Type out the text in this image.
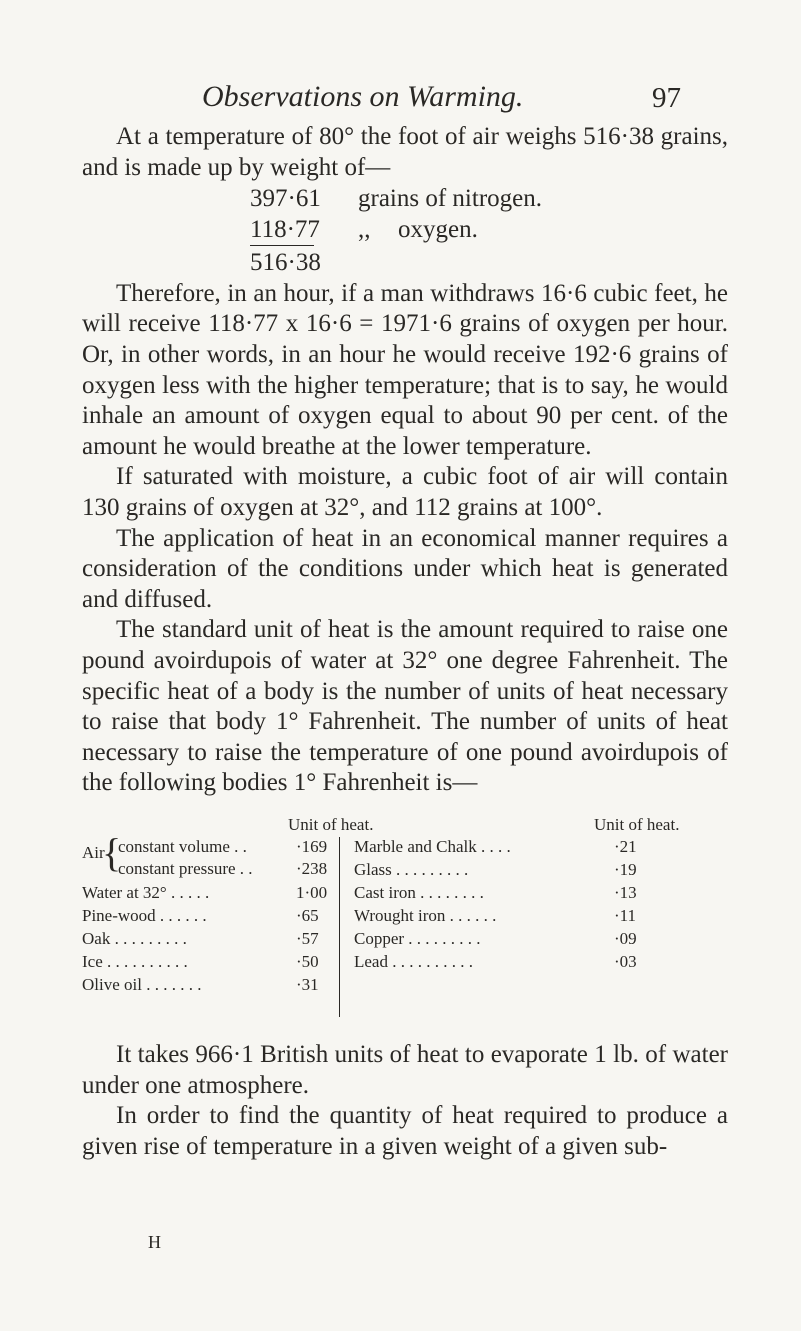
Observations on Warming.	97

At a temperature of 80° the foot of air weighs 516·38 grains, and is made up by weight of—

397·61 grains of nitrogen.
118·77 ,, oxygen.
516·38

Therefore, in an hour, if a man withdraws 16·6 cubic feet, he will receive 118·77 x 16·6 = 1971·6 grains of oxygen per hour. Or, in other words, in an hour he would receive 192·6 grains of oxygen less with the higher temperature; that is to say, he would inhale an amount of oxygen equal to about 90 per cent. of the amount he would breathe at the lower temperature.

If saturated with moisture, a cubic foot of air will contain 130 grains of oxygen at 32°, and 112 grains at 100°.

The application of heat in an economical manner requires a consideration of the conditions under which heat is generated and diffused.

The standard unit of heat is the amount required to raise one pound avoirdupois of water at 32° one degree Fahrenheit. The specific heat of a body is the number of units of heat necessary to raise that body 1° Fahrenheit. The number of units of heat necessary to raise the temperature of one pound avoirdupois of the following bodies 1° Fahrenheit is—

Unit of heat.	Unit of heat.
Air
{
constant volume . .	·169
constant pressure . .	·238
Water at 32° . . . . .	1·00
Pine-wood . . . . . .	·65
Oak . . . . . . . . .	·57
Ice . . . . . . . . . .	·50
Olive oil . . . . . . .	·31
Marble and Chalk . . . .	·21
Glass . . . . . . . . .	·19
Cast iron . . . . . . . .	·13
Wrought iron . . . . . .	·11
Copper . . . . . . . . .	·09
Lead . . . . . . . . . .	·03

It takes 966·1 British units of heat to evaporate 1 lb. of water under one atmosphere.

In order to find the quantity of heat required to produce a given rise of temperature in a given weight of a given sub-

H
